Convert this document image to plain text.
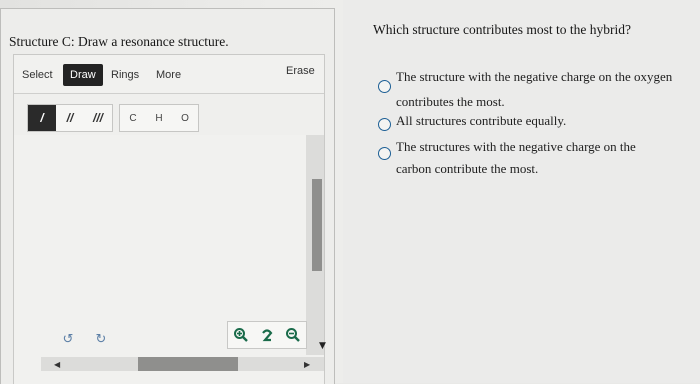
Structure C: Draw a resonance structure.
Select	Draw	Rings More	Erase
/	//	///	C	H	O
↺ ↻	▼
◀	▶
Which structure contributes most to the hybrid?
The structure with the negative charge on the oxygen
contributes the most.
All structures contribute equally.
The structures with the negative charge on the
carbon contribute the most.
